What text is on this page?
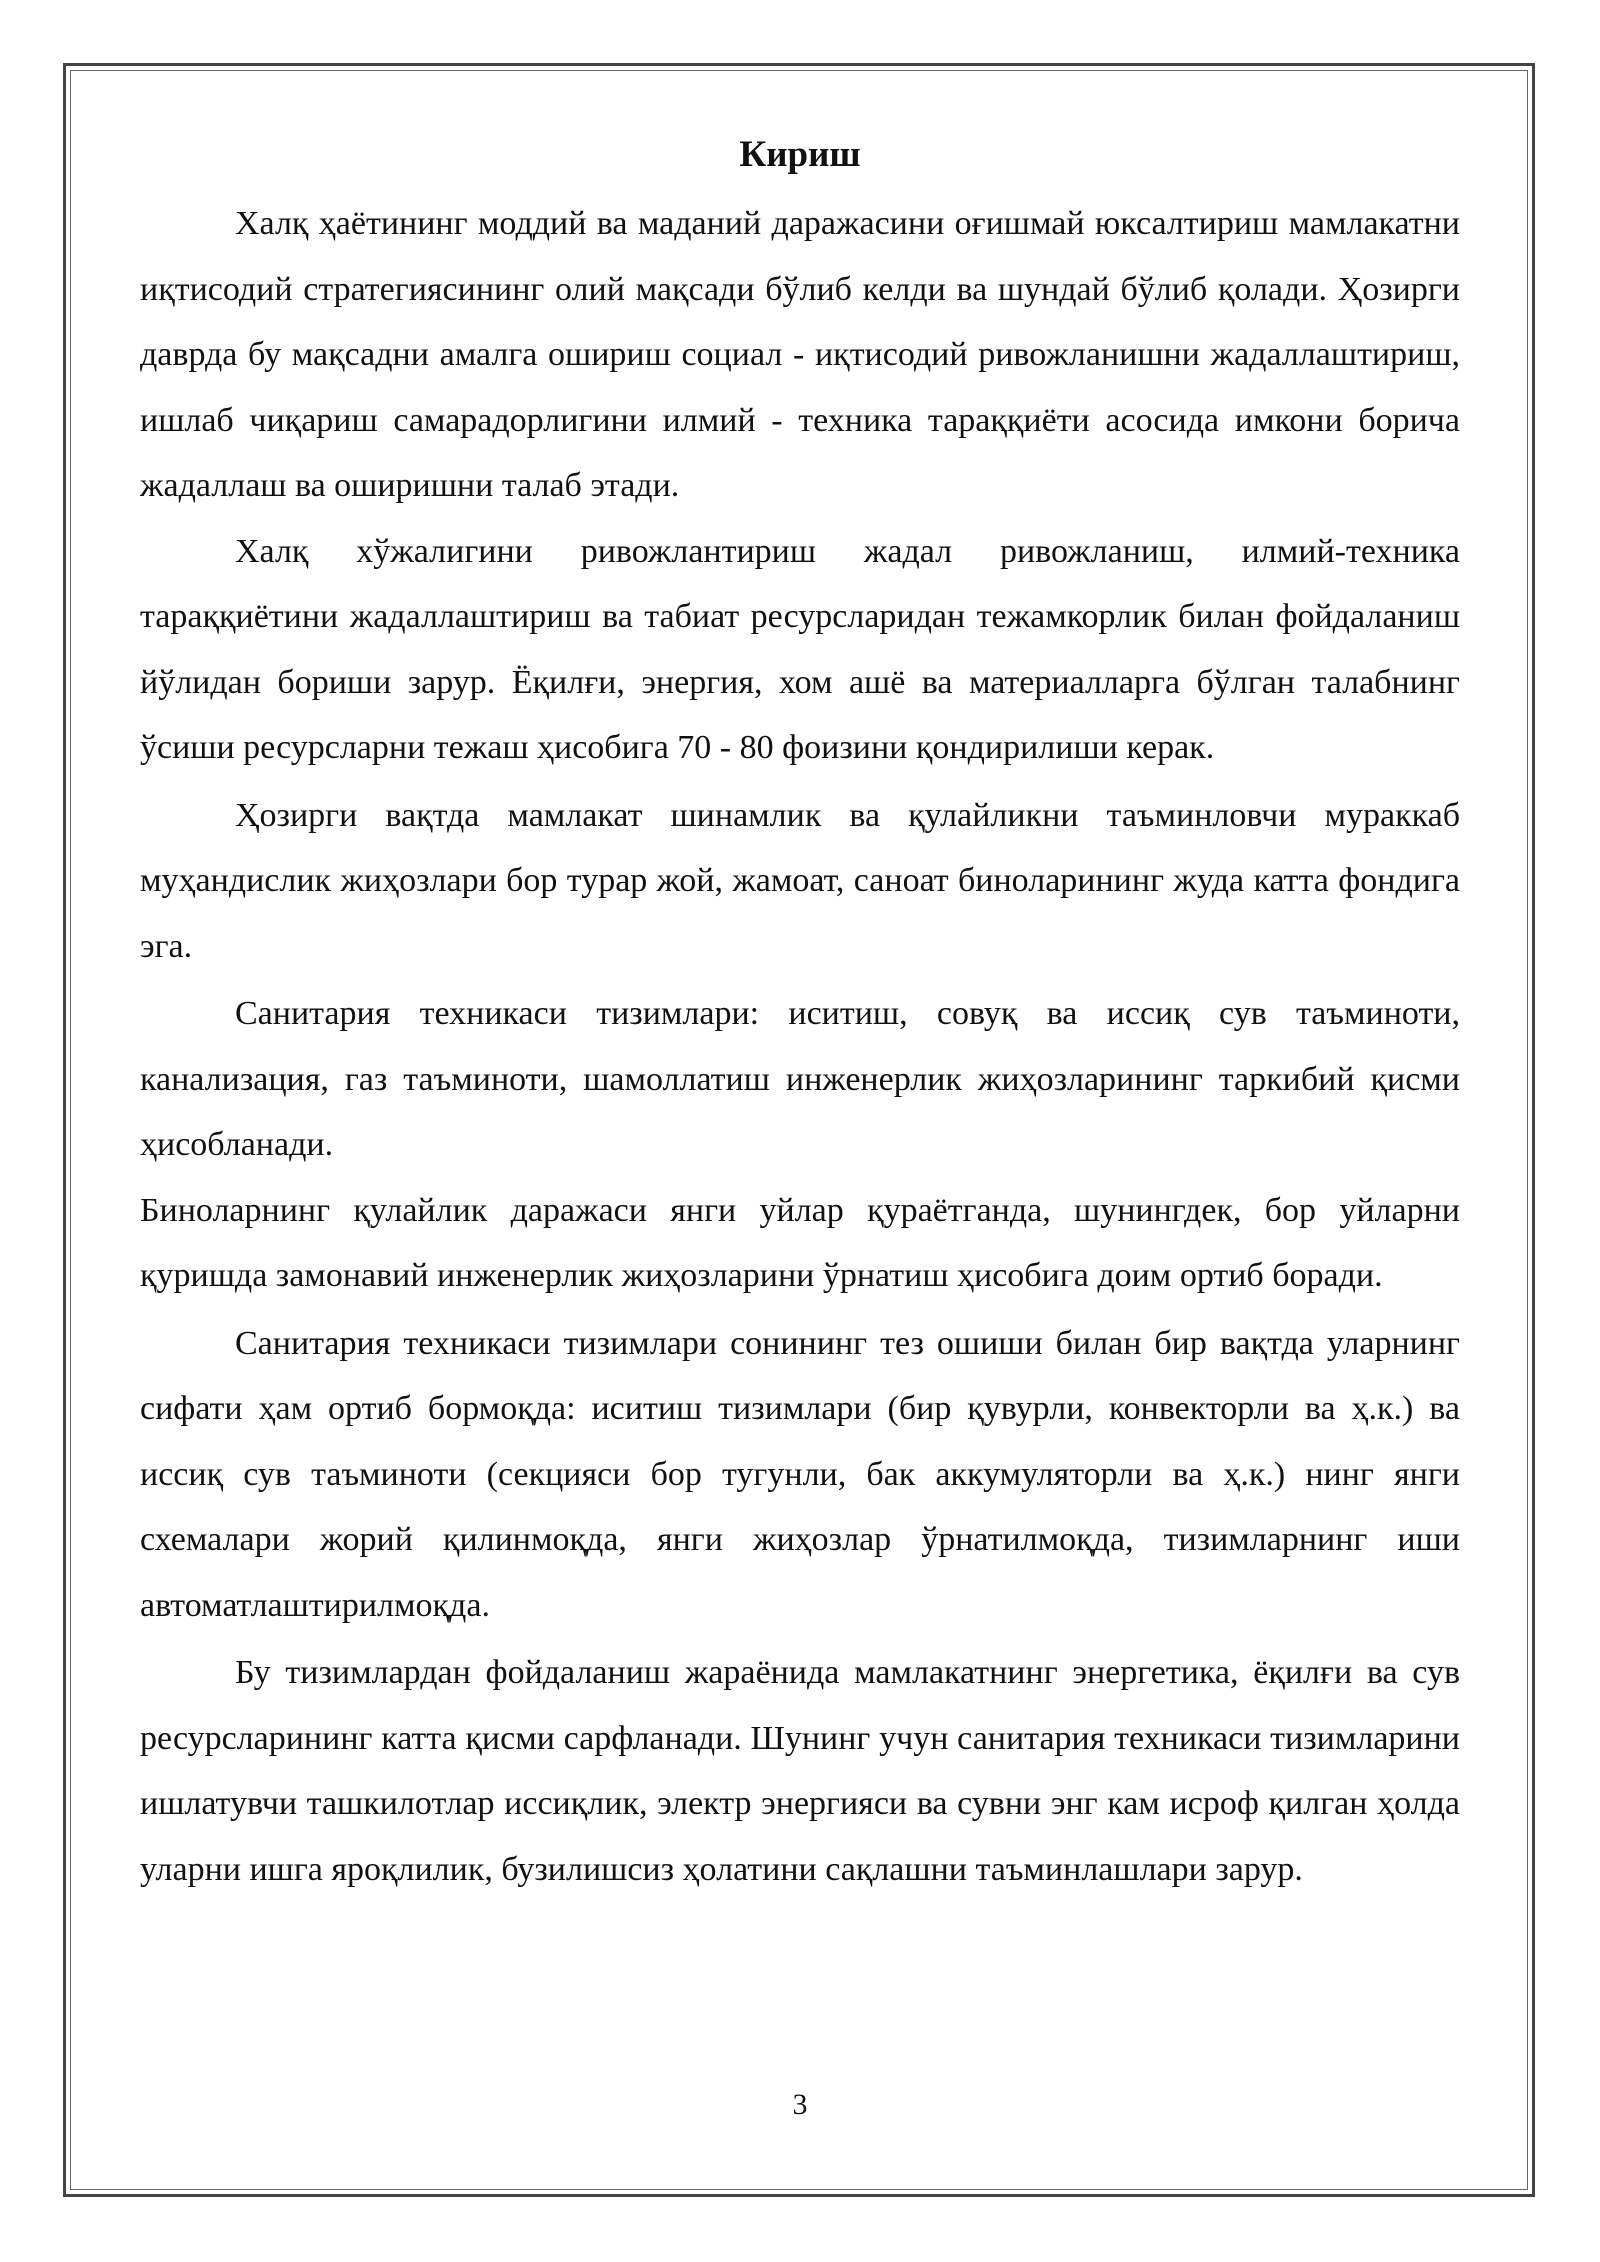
Кириш

Халқ ҳаётининг моддий ва маданий даражасини оғишмай юксалтириш мамлакатни иқтисодий стратегиясининг олий мақсади бўлиб келди ва шундай бўлиб қолади. Ҳозирги даврда бу мақсадни амалга ошириш социал - иқтисодий ривожланишни жадаллаштириш, ишлаб чиқариш самарадорлигини илмий - техника тараққиёти асосида имкони борича жадаллаш ва оширишни талаб этади.

Халқ хўжалигини ривожлантириш жадал ривожланиш, илмий-техника тараққиётини жадаллаштириш ва табиат ресурсларидан тежамкорлик билан фойдаланиш йўлидан бориши зарур. Ёқилғи, энергия, хом ашё ва материалларга бўлган талабнинг ўсиши ресурсларни тежаш ҳисобига 70 - 80 фоизини қондирилиши керак.

Ҳозирги вақтда мамлакат шинамлик ва қулайликни таъминловчи мураккаб муҳандислик жиҳозлари бор турар жой, жамоат, саноат биноларининг жуда катта фондига эга.

Санитария техникаси тизимлари: иситиш, совуқ ва иссиқ сув таъминоти, канализация, газ таъминоти, шамоллатиш инженерлик жиҳозларининг таркибий қисми ҳисобланади.

Биноларнинг қулайлик даражаси янги уйлар қураётганда, шунингдек, бор уйларни қуришда замонавий инженерлик жиҳозларини ўрнатиш ҳисобига доим ортиб боради.

Санитария техникаси тизимлари сонининг тез ошиши билан бир вақтда уларнинг сифати ҳам ортиб бормоқда: иситиш тизимлари (бир қувурли, конвекторли ва ҳ.к.) ва иссиқ сув таъминоти (секцияси бор тугунли, бак аккумуляторли ва ҳ.к.) нинг янги схемалари жорий қилинмоқда, янги жиҳозлар ўрнатилмоқда, тизимларнинг иши автоматлаштирилмоқда.

Бу тизимлардан фойдаланиш жараёнида мамлакатнинг энергетика, ёқилғи ва сув ресурсларининг катта қисми сарфланади. Шунинг учун санитария техникаси тизимларини ишлатувчи ташкилотлар иссиқлик, электр энергияси ва сувни энг кам исроф қилган ҳолда уларни ишга яроқлилик, бузилишсиз ҳолатини сақлашни таъминлашлари зарур.

3
